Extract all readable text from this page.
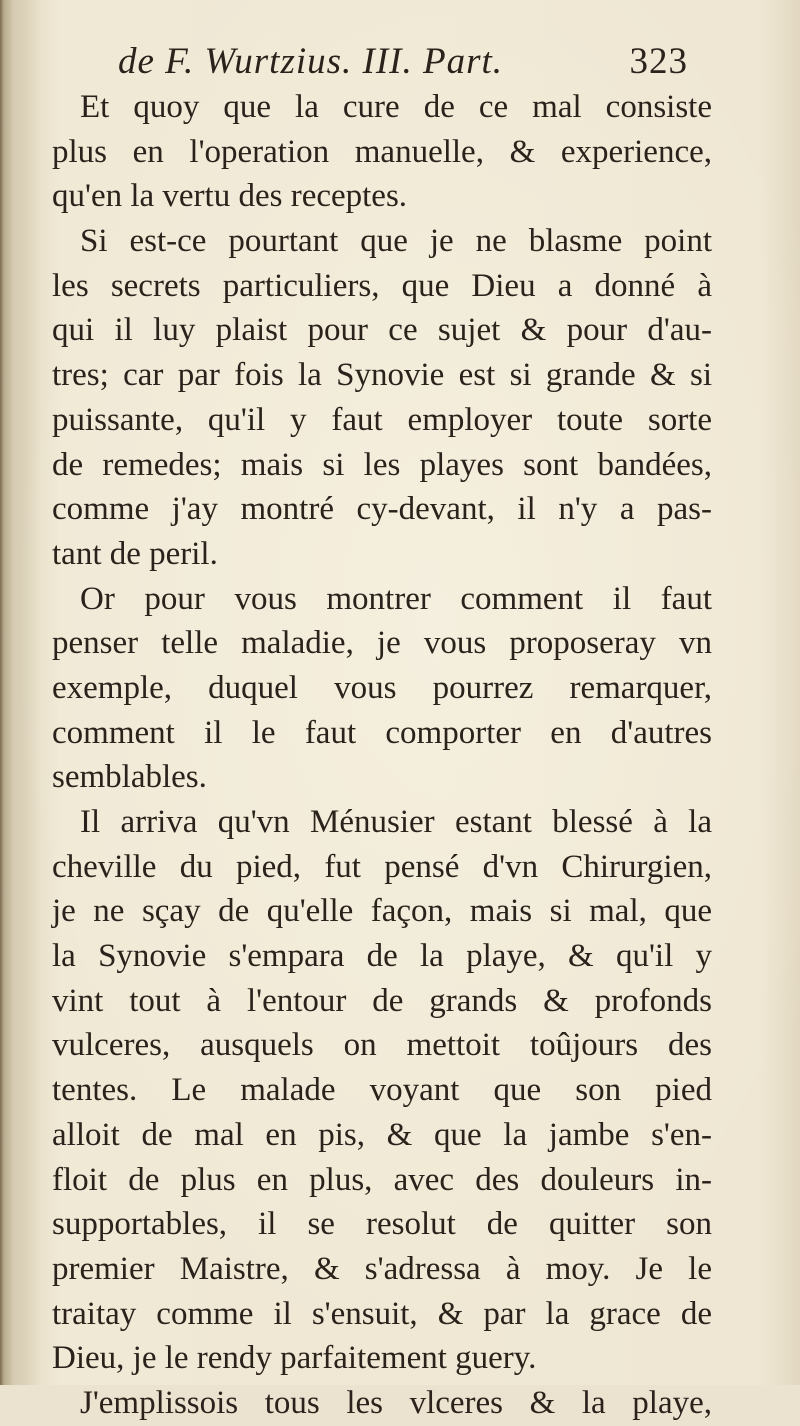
de F. Wurtzius. III. Part.	323
Et quoy que la cure de ce mal consiste
plus en l'operation manuelle, & experience,
qu'en la vertu des receptes.
Si est-ce pourtant que je ne blasme point
les secrets particuliers, que Dieu a donné à
qui il luy plaist pour ce sujet & pour d'au-
tres; car par fois la Synovie est si grande & si
puissante, qu'il y faut employer toute sorte
de remedes; mais si les playes sont bandées,
comme j'ay montré cy-devant, il n'y a pas-
tant de peril.
Or pour vous montrer comment il faut
penser telle maladie, je vous proposeray vn
exemple, duquel vous pourrez remarquer,
comment il le faut comporter en d'autres
semblables.
Il arriva qu'vn Ménusier estant blessé à la
cheville du pied, fut pensé d'vn Chirurgien,
je ne sçay de qu'elle façon, mais si mal, que
la Synovie s'empara de la playe, & qu'il y
vint tout à l'entour de grands & profonds
vulceres, ausquels on mettoit toûjours des
tentes. Le malade voyant que son pied
alloit de mal en pis, & que la jambe s'en-
floit de plus en plus, avec des douleurs in-
supportables, il se resolut de quitter son
premier Maistre, & s'adressa à moy. Je le
traitay comme il s'ensuit, & par la grace de
Dieu, je le rendy parfaitement guery.
J'emplissois tous les vlceres & la playe,
